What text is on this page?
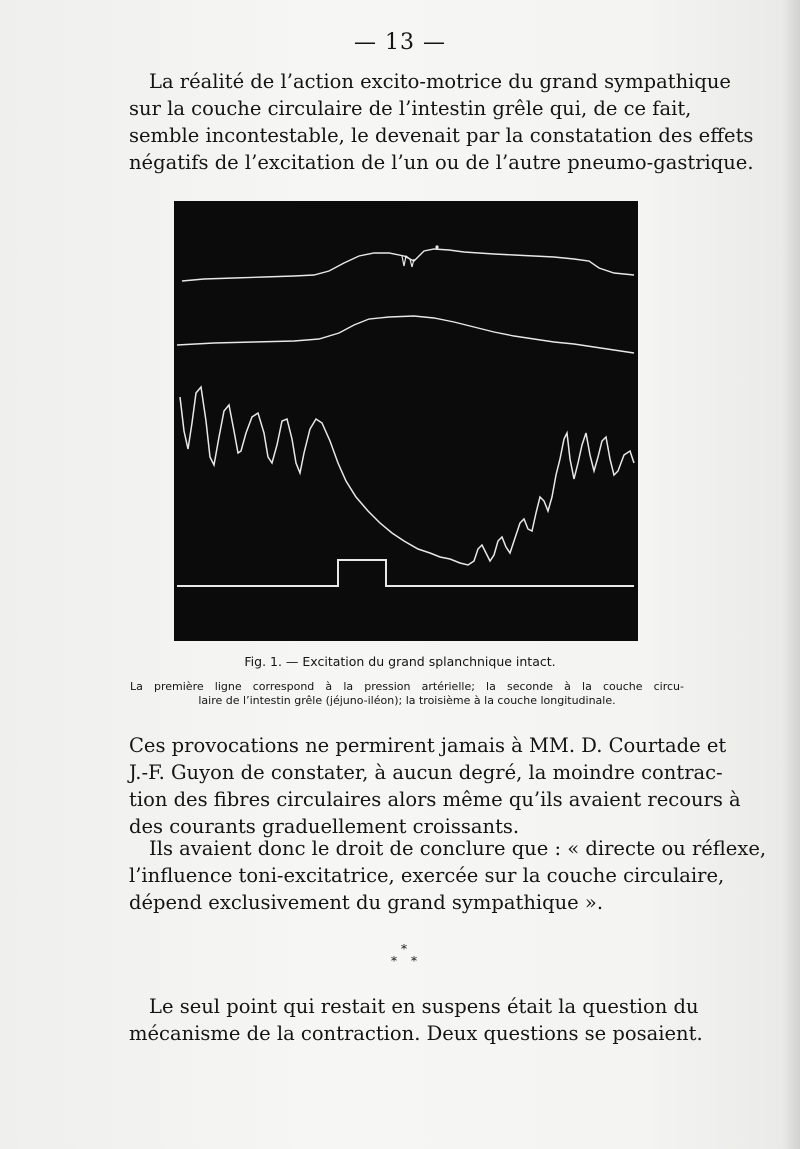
— 13 —

La réalité de l’action excito-motrice du grand sympathique

sur la couche circulaire de l’intestin grêle qui, de ce fait,
semble incontestable, le devenait par la constatation des effets
négatifs de l’excitation de l’un ou de l’autre pneumo-gastrique.

Fig. 1. — Excitation du grand splanchnique intact.

La première ligne correspond à la pression artérielle; la seconde à la couche circu-
laire de l’intestin grêle (jéjuno-iléon); la troisième à la couche longitudinale.

Ces provocations ne permirent jamais à MM. D. Courtade et
J.-F. Guyon de constater, à aucun degré, la moindre contrac-
tion des fibres circulaires alors même qu’ils avaient recours à
des courants graduellement croissants.

Ils avaient donc le droit de conclure que : « directe ou réflexe,

l’influence toni-excitatrice, exercée sur la couche circulaire,
dépend exclusivement du grand sympathique ».

*
* *

Le seul point qui restait en suspens était la question du

mécanisme de la contraction. Deux questions se posaient.
